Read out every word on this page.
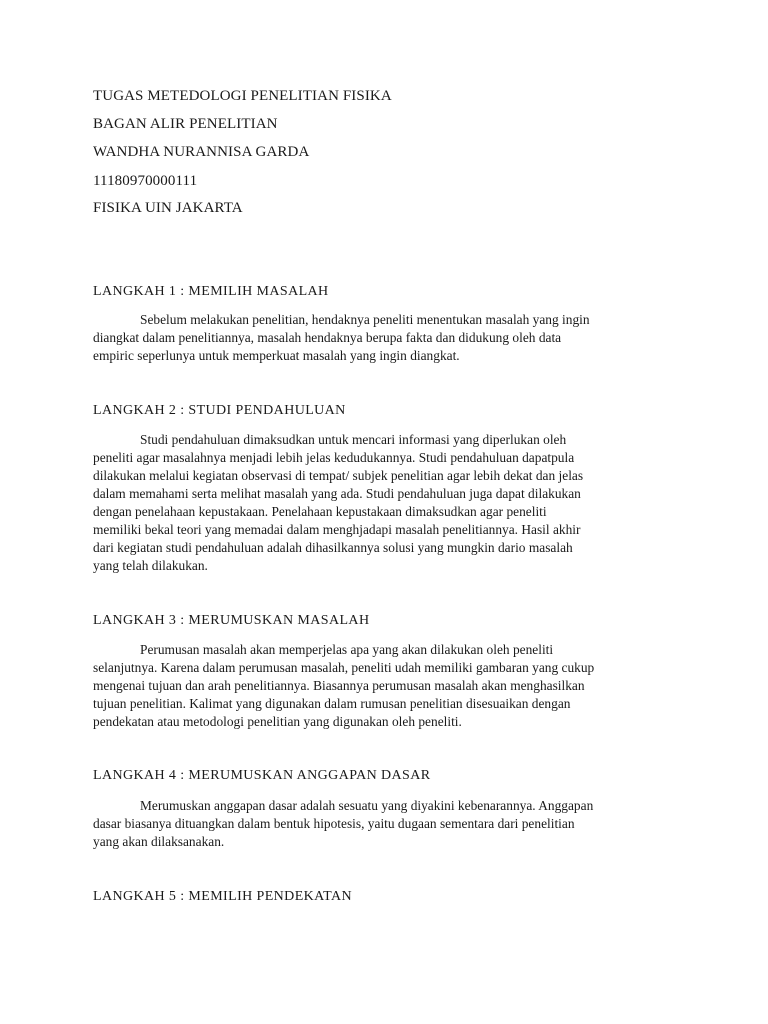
TUGAS METEDOLOGI PENELITIAN FISIKA
BAGAN ALIR PENELITIAN
WANDHA NURANNISA GARDA
11180970000111
FISIKA UIN JAKARTA
LANGKAH 1 : MEMILIH MASALAH

Sebelum melakukan penelitian, hendaknya peneliti menentukan masalah yang ingin
diangkat dalam penelitiannya, masalah hendaknya berupa fakta dan didukung oleh data
empiric seperlunya untuk memperkuat masalah yang ingin diangkat.

LANGKAH 2 : STUDI PENDAHULUAN

Studi pendahuluan dimaksudkan untuk mencari informasi yang diperlukan oleh
peneliti agar masalahnya menjadi lebih jelas kedudukannya. Studi pendahuluan dapatpula
dilakukan melalui kegiatan observasi di tempat/ subjek penelitian agar lebih dekat dan jelas
dalam memahami serta melihat masalah yang ada. Studi pendahuluan juga dapat dilakukan
dengan penelahaan kepustakaan. Penelahaan kepustakaan dimaksudkan agar peneliti
memiliki bekal teori yang memadai dalam menghjadapi masalah penelitiannya. Hasil akhir
dari kegiatan studi pendahuluan adalah dihasilkannya solusi yang mungkin dario masalah
yang telah dilakukan.

LANGKAH 3 : MERUMUSKAN MASALAH

Perumusan masalah akan memperjelas apa yang akan dilakukan oleh peneliti
selanjutnya. Karena dalam perumusan masalah, peneliti udah memiliki gambaran yang cukup
mengenai tujuan dan arah penelitiannya. Biasannya perumusan masalah akan menghasilkan
tujuan penelitian. Kalimat yang digunakan dalam rumusan penelitian disesuaikan dengan
pendekatan atau metodologi penelitian yang digunakan oleh peneliti.

LANGKAH 4 : MERUMUSKAN ANGGAPAN DASAR

Merumuskan anggapan dasar adalah sesuatu yang diyakini kebenarannya. Anggapan
dasar biasanya dituangkan dalam bentuk hipotesis, yaitu dugaan sementara dari penelitian
yang akan dilaksanakan.

LANGKAH 5 : MEMILIH PENDEKATAN
